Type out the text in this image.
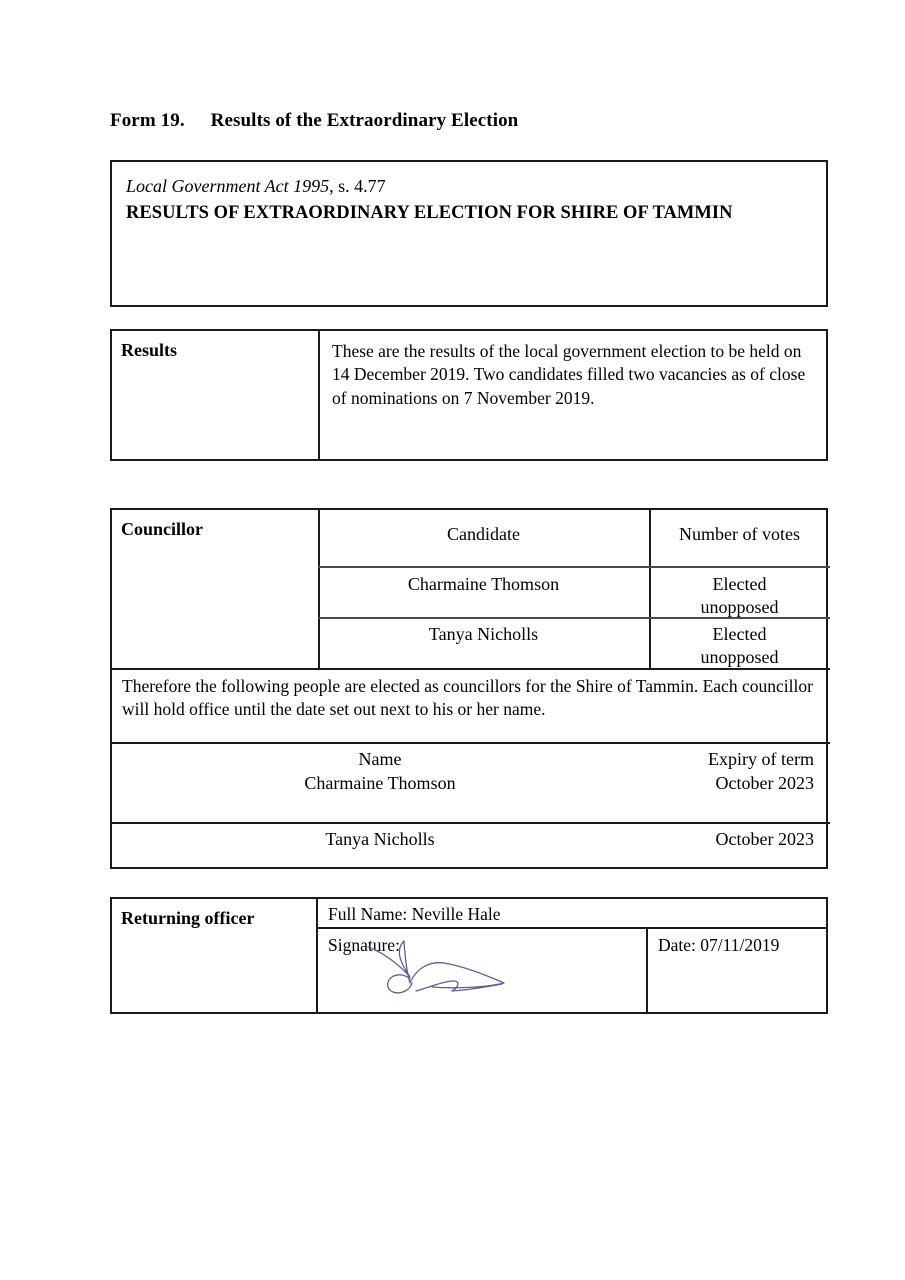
Form 19. Results of the Extraordinary Election
Local Government Act 1995, s. 4.77
RESULTS OF EXTRAORDINARY ELECTION FOR SHIRE OF TAMMIN
Results	These are the results of the local government election to be held on 14 December 2019. Two candidates filled two vacancies as of close of nominations on 7 November 2019.
Councillor	Candidate	Number of votes
Charmaine Thomson	Elected
unopposed
Tanya Nicholls	Elected
unopposed
Therefore the following people are elected as councillors for the Shire of Tammin. Each councillor will hold office until the date set out next to his or her name.
Name	Expiry of term
Charmaine Thomson	October 2023
Tanya Nicholls	October 2023
Returning officer	Full Name: Neville Hale
Signature:	Date: 07/11/2019
